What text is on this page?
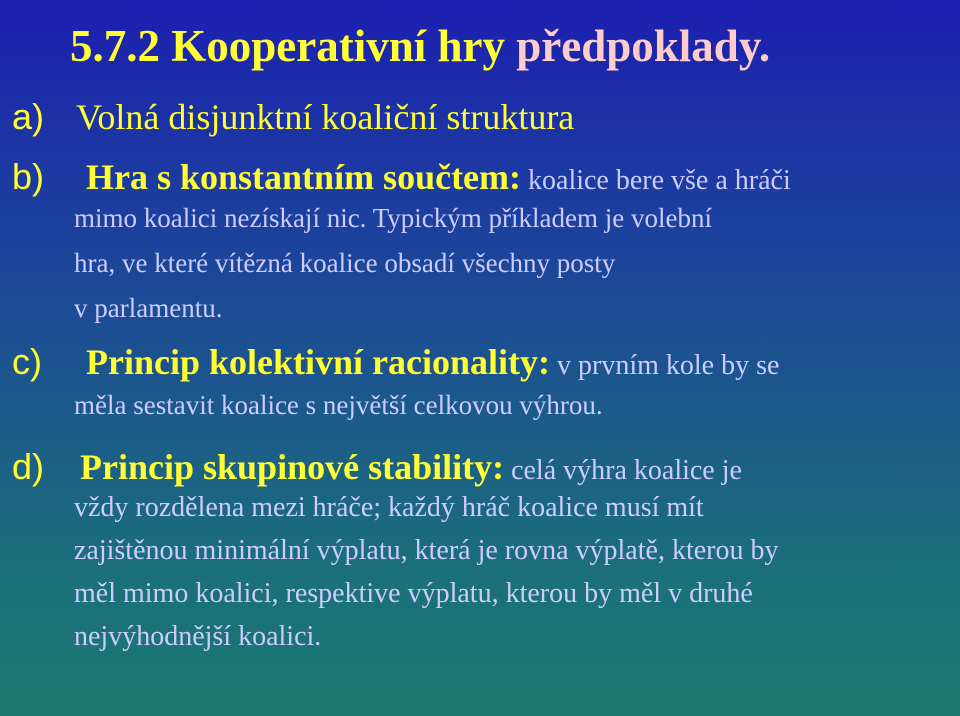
5.7.2 Kooperativní hry předpoklady.
a) Volná disjunktní koaliční struktura
b) Hra s konstantním součtem: koalice bere vše a hráči
mimo koalici nezískají nic. Typickým příkladem je volební
hra, ve které vítězná koalice obsadí všechny posty
v parlamentu.
c) Princip kolektivní racionality: v prvním kole by se
měla sestavit koalice s největší celkovou výhrou.
d) Princip skupinové stability: celá výhra koalice je
vždy rozdělena mezi hráče; každý hráč koalice musí mít
zajištěnou minimální výplatu, která je rovna výplatě, kterou by
měl mimo koalici, respektive výplatu, kterou by měl v druhé
nejvýhodnější koalici.
